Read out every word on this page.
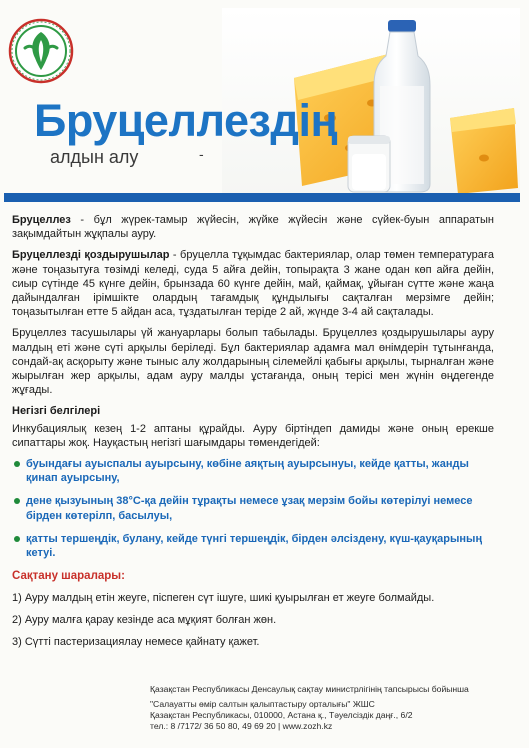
Бруцеллездің
алдын алу	-

Бруцеллез - бұл жүрек-тамыр жүйесін, жүйке жүйесін және сүйек-буын аппаратын зақымдайтын жұқпалы ауру.

Бруцеллезді қоздырушылар - бруцелла тұқымдас бактериялар, олар төмен температураға және тоңазытуға төзімді келеді, суда 5 айға дейін, топырақта 3 жане одан көп айға дейін, сиыр сүтінде 45 күнге дейін, брынзада 60 күнге дейін, май, қаймақ, ұйыған сүтте және жаңа дайындалған ірімшікте олардың тағамдық құндылығы сақталған мерзімге дейін; тоңазытылған етте 5 айдан аса, тұздатылған теріде 2 ай, жүнде 3-4 ай сақталады.

Бруцеллез тасушылары үй жануарлары болып табылады. Бруцеллез қоздырушылары ауру малдың еті және сүті арқылы беріледі. Бұл бактериялар адамға мал өнімдерін тұтынғанда, сондай-ақ асқорыту және тыныс алу жолдарының сілемейлі қабығы арқылы, тырналған және жырылған жер арқылы, адам ауру малды ұстағанда, оның терісі мен жүнін өңдегенде жұғады.

Негізгі белгілері

Инкубациялық кезең 1-2 аптаны құрайды. Ауру біртіндеп дамиды және оның ерекше сипаттары жоқ. Науқастың негізгі шағымдары төмендегідей:

буындағы ауыспалы ауырсыну, көбіне аяқтың ауырсынуы, кейде қатты, жанды қинап ауырсыну,
дене қызуының 38°С-қа дейін тұрақты немесе ұзақ мерзім бойы көтерілуі немесе бірден көтерілп, басылуы,
қатты тершеңдік, булану, кейде түнгі тершеңдік, бірден әлсіздену, күш-қауқарының кетуі.
Сақтану шаралары:
1) Ауру малдың етін жеуге, піспеген сүт ішуге, шикі қуырылған ет жеуге болмайды.
2) Ауру малға қарау кезінде аса мұқият болған жөн.
3) Сүтті пастеризациялау немесе қайнату қажет.
Қазақстан Республикасы Денсаулық сақтау министрлігінің тапсырысы бойынша
"Салауатты өмір салтын қалыптастыру орталығы" ЖШС
Қазақстан Республикасы, 010000, Астана қ., Тәуелсіздік даңғ., 6/2
тел.: 8 /7172/ 36 50 80, 49 69 20 | www.zozh.kz
